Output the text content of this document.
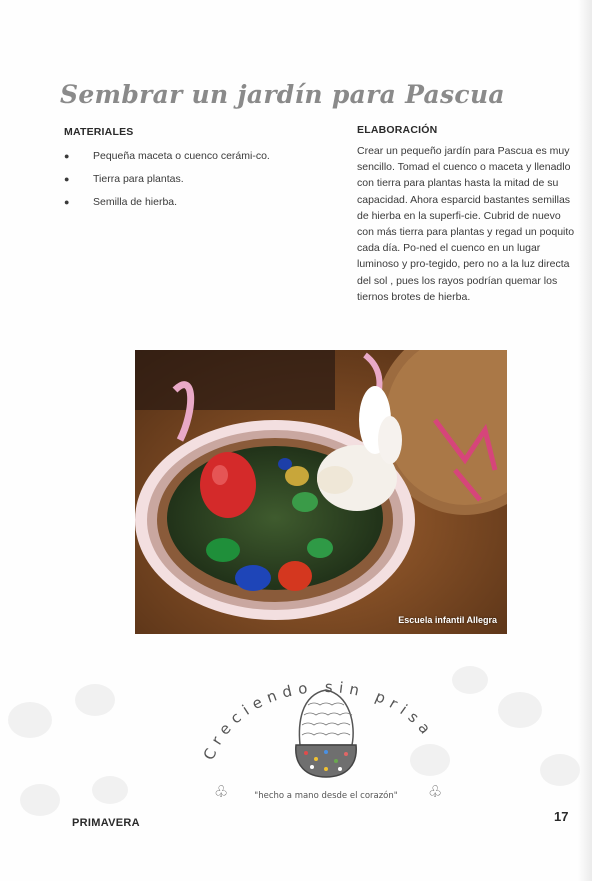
Sembrar un jardín para Pascua
MATERIALES
● Pequeña maceta o cuenco cerámi-co.
● Tierra para plantas.
● Semilla de hierba.
ELABORACIÓN

Crear un pequeño jardín para Pascua es muy sencillo. Tomad el cuenco o maceta y llenadlo con tierra para plantas hasta la mitad de su capacidad. Ahora esparcid bastantes semillas de hierba en la superfi-cie. Cubrid de nuevo con más tierra para plantas y regad un poquito cada día. Po-ned el cuenco en un lugar luminoso y pro-tegido, pero no a la luz directa del sol , pues los rayos podrían quemar los tiernos brotes de hierba.

Escuela infantil Allegra
Creciendo sin prisa
"hecho a mano desde el corazón"
♧	♧
PRIMAVERA	17
